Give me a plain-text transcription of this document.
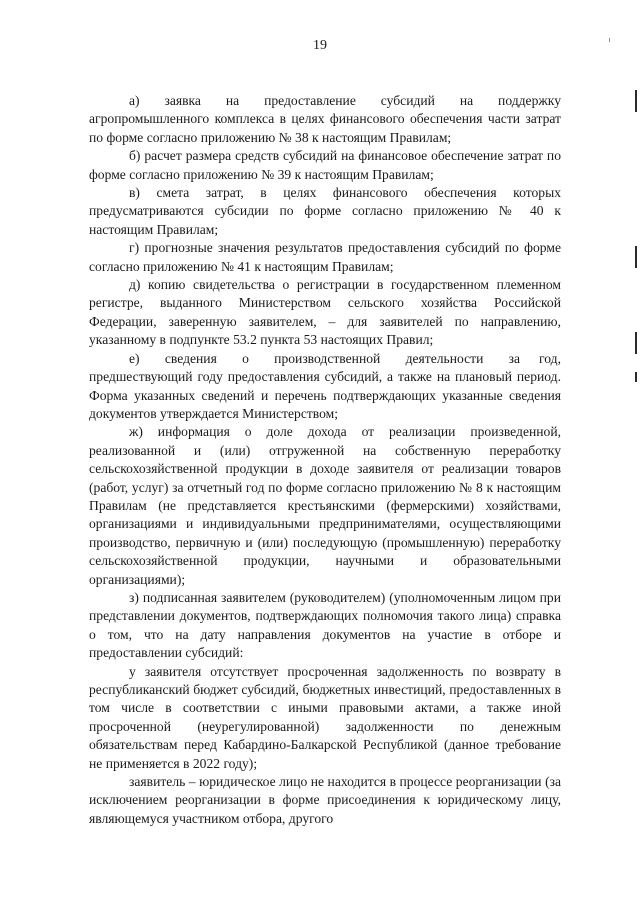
19

а)    заявка    на    предоставление    субсидий    на    поддержку агропромышленного комплекса в целях финансового обеспечения части затрат по форме согласно приложению № 38 к настоящим Правилам;

б) расчет размера средств субсидий на финансовое обеспечение затрат по форме согласно приложению № 39 к настоящим Правилам;

в) смета затрат, в целях финансового обеспечения которых предусматриваются субсидии по форме согласно приложению № 40 к настоящим Правилам;

г) прогнозные значения результатов предоставления субсидий по форме согласно приложению № 41 к настоящим Правилам;

д) копию свидетельства о регистрации в государственном племенном регистре, выданного Министерством сельского хозяйства Российской Федерации, заверенную заявителем, – для заявителей по направлению, указанному в подпункте 53.2 пункта 53 настоящих Правил;

е)    сведения    о    производственной    деятельности    за   год, предшествующий году предоставления субсидий, а также на плановый период. Форма указанных сведений и перечень подтверждающих указанные сведения документов утверждается Министерством;

ж) информация о доле дохода от реализации произведенной, реализованной и (или) отгруженной на собственную переработку сельскохозяйственной продукции в доходе заявителя от реализации товаров (работ, услуг) за отчетный год по форме согласно приложению № 8 к настоящим Правилам (не представляется крестьянскими (фермерскими) хозяйствами, организациями и индивидуальными предпринимателями, осуществляющими производство, первичную и (или) последующую (промышленную) переработку сельскохозяйственной продукции, научными и образовательными организациями);

з) подписанная заявителем (руководителем) (уполномоченным лицом при представлении документов, подтверждающих полномочия такого лица) справка о том, что на дату направления документов на участие в отборе и предоставлении субсидий:

у заявителя отсутствует просроченная задолженность по возврату в республиканский бюджет субсидий, бюджетных инвестиций, предоставленных в том числе в соответствии с иными правовыми актами, а также иной просроченной (неурегулированной) задолженности по денежным обязательствам перед Кабардино-Балкарской Республикой (данное требование не применяется в 2022 году);

заявитель – юридическое лицо не находится в процессе реорганизации (за исключением реорганизации в форме присоединения к юридическому лицу, являющемуся участником отбора, другого
